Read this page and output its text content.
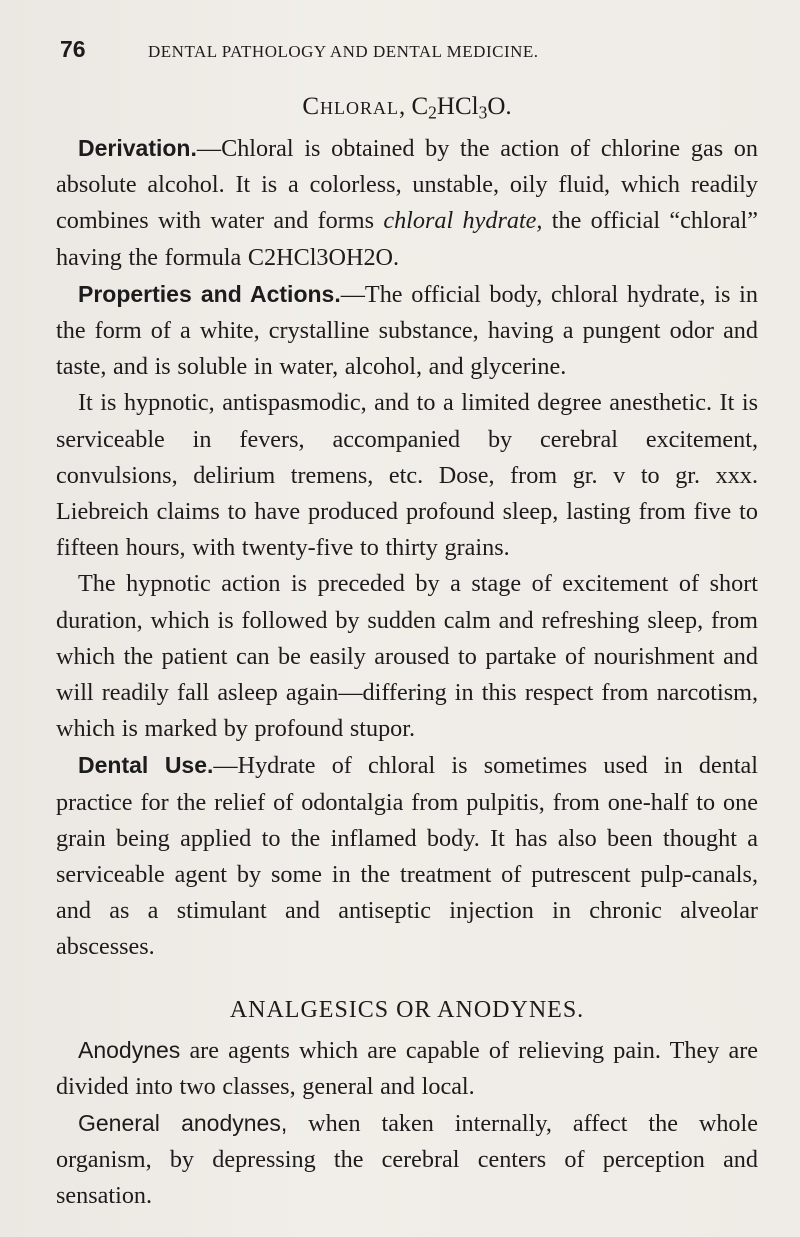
76	DENTAL PATHOLOGY AND DENTAL MEDICINE.
Chloral, $C_2HCl_3O$.

Derivation.—Chloral is obtained by the action of chlorine gas on absolute alcohol. It is a colorless, unstable, oily fluid, which readily combines with water and forms chloral hydrate, the official “chloral” having the formula C2HCl3OH2O.

Properties and Actions.—The official body, chloral hydrate, is in the form of a white, crystalline substance, having a pungent odor and taste, and is soluble in water, alcohol, and glycerine.

It is hypnotic, antispasmodic, and to a limited degree anesthetic. It is serviceable in fevers, accompanied by cerebral excitement, convulsions, delirium tremens, etc. Dose, from gr. v to gr. xxx. Liebreich claims to have produced profound sleep, lasting from five to fifteen hours, with twenty-five to thirty grains.

The hypnotic action is preceded by a stage of excitement of short duration, which is followed by sudden calm and refreshing sleep, from which the patient can be easily aroused to partake of nourishment and will readily fall asleep again—differing in this respect from narcotism, which is marked by profound stupor.

Dental Use.—Hydrate of chloral is sometimes used in dental practice for the relief of odontalgia from pulpitis, from one-half to one grain being applied to the inflamed body. It has also been thought a serviceable agent by some in the treatment of putrescent pulp-canals, and as a stimulant and antiseptic injection in chronic alveolar abscesses.

ANALGESICS OR ANODYNES.

Anodynes are agents which are capable of relieving pain. They are divided into two classes, general and local.

General anodynes, when taken internally, affect the whole organism, by depressing the cerebral centers of perception and sensation.
